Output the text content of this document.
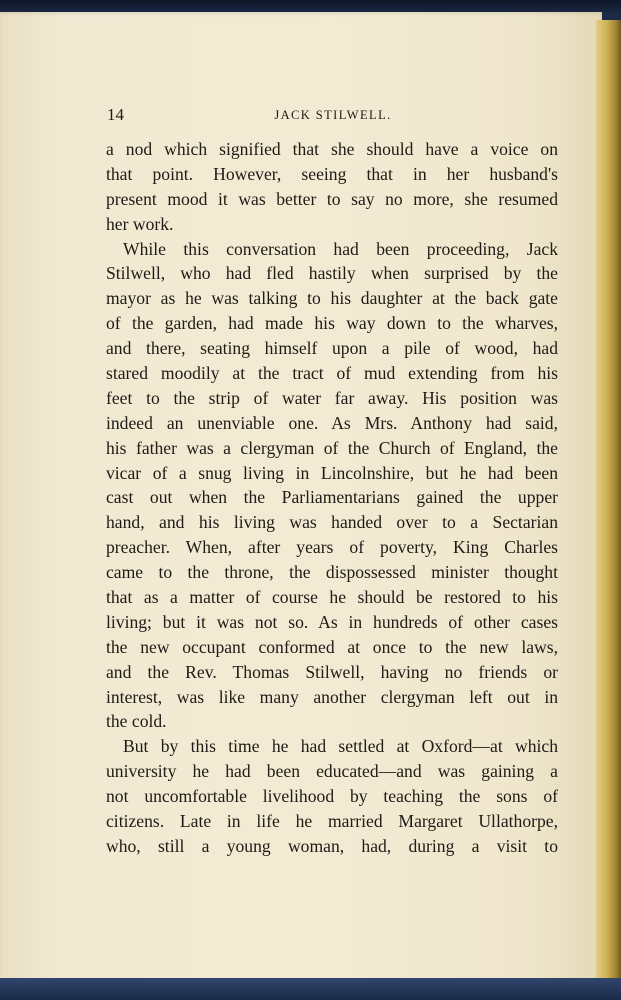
14	JACK STILWELL.
a nod which signified that she should have a voice on
that point. However, seeing that in her husband's
present mood it was better to say no more, she resumed
her work.
While this conversation had been proceeding, Jack
Stilwell, who had fled hastily when surprised by the
mayor as he was talking to his daughter at the back gate
of the garden, had made his way down to the wharves,
and there, seating himself upon a pile of wood, had
stared moodily at the tract of mud extending from his
feet to the strip of water far away. His position was
indeed an unenviable one. As Mrs. Anthony had said,
his father was a clergyman of the Church of England, the
vicar of a snug living in Lincolnshire, but he had been
cast out when the Parliamentarians gained the upper
hand, and his living was handed over to a Sectarian
preacher. When, after years of poverty, King Charles
came to the throne, the dispossessed minister thought
that as a matter of course he should be restored to his
living; but it was not so. As in hundreds of other cases
the new occupant conformed at once to the new laws,
and the Rev. Thomas Stilwell, having no friends or
interest, was like many another clergyman left out in
the cold.
But by this time he had settled at Oxford—at which
university he had been educated—and was gaining a
not uncomfortable livelihood by teaching the sons of
citizens. Late in life he married Margaret Ullathorpe,
who, still a young woman, had, during a visit to
